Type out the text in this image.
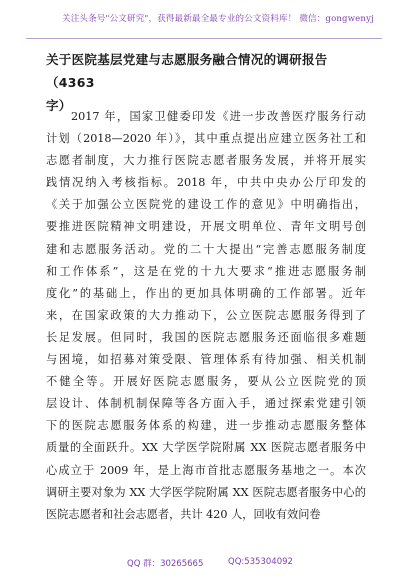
关注头条号"公文研究"，获得最新最全最专业的公文资料库！ 微信：gongwenyj
关于医院基层党建与志愿服务融合情况的调研报告（4363 字）
　　2017 年，国家卫健委印发《进一步改善医疗服务行动
计划（2018—2020 年）》，其中重点提出应建立医务社工和
志愿者制度，大力推行医院志愿者服务发展，并将开展实
践情况纳入考核指标。2018 年，中共中央办公厅印发的
《关于加强公立医院党的建设工作的意见》中明确指出，
要推进医院精神文明建设，开展文明单位、青年文明号创
建和志愿服务活动。党的二十大提出“完善志愿服务制度
和工作体系”，这是在党的十九大要求“推进志愿服务制
度化”的基础上，作出的更加具体明确的工作部署。近年
来，在国家政策的大力推动下，公立医院志愿服务得到了
长足发展。但同时，我国的医院志愿服务还面临很多难题
与困境，如招募对策受限、管理体系有待加强、相关机制
不健全等。开展好医院志愿服务，要从公立医院党的顶
层设计、体制机制保障等各方面入手，通过探索党建引领
下的医院志愿服务体系的构建，进一步推动志愿服务整体
质量的全面跃升。XX 大学医学院附属 XX 医院志愿者服务中
心成立于 2009 年，是上海市首批志愿服务基地之一。本次
调研主要对象为 XX 大学医学院附属 XX 医院志愿者服务中心的
医院志愿者和社会志愿者，共计 420 人，回收有效问卷
QQ 群：30265665	QQ:535304092
